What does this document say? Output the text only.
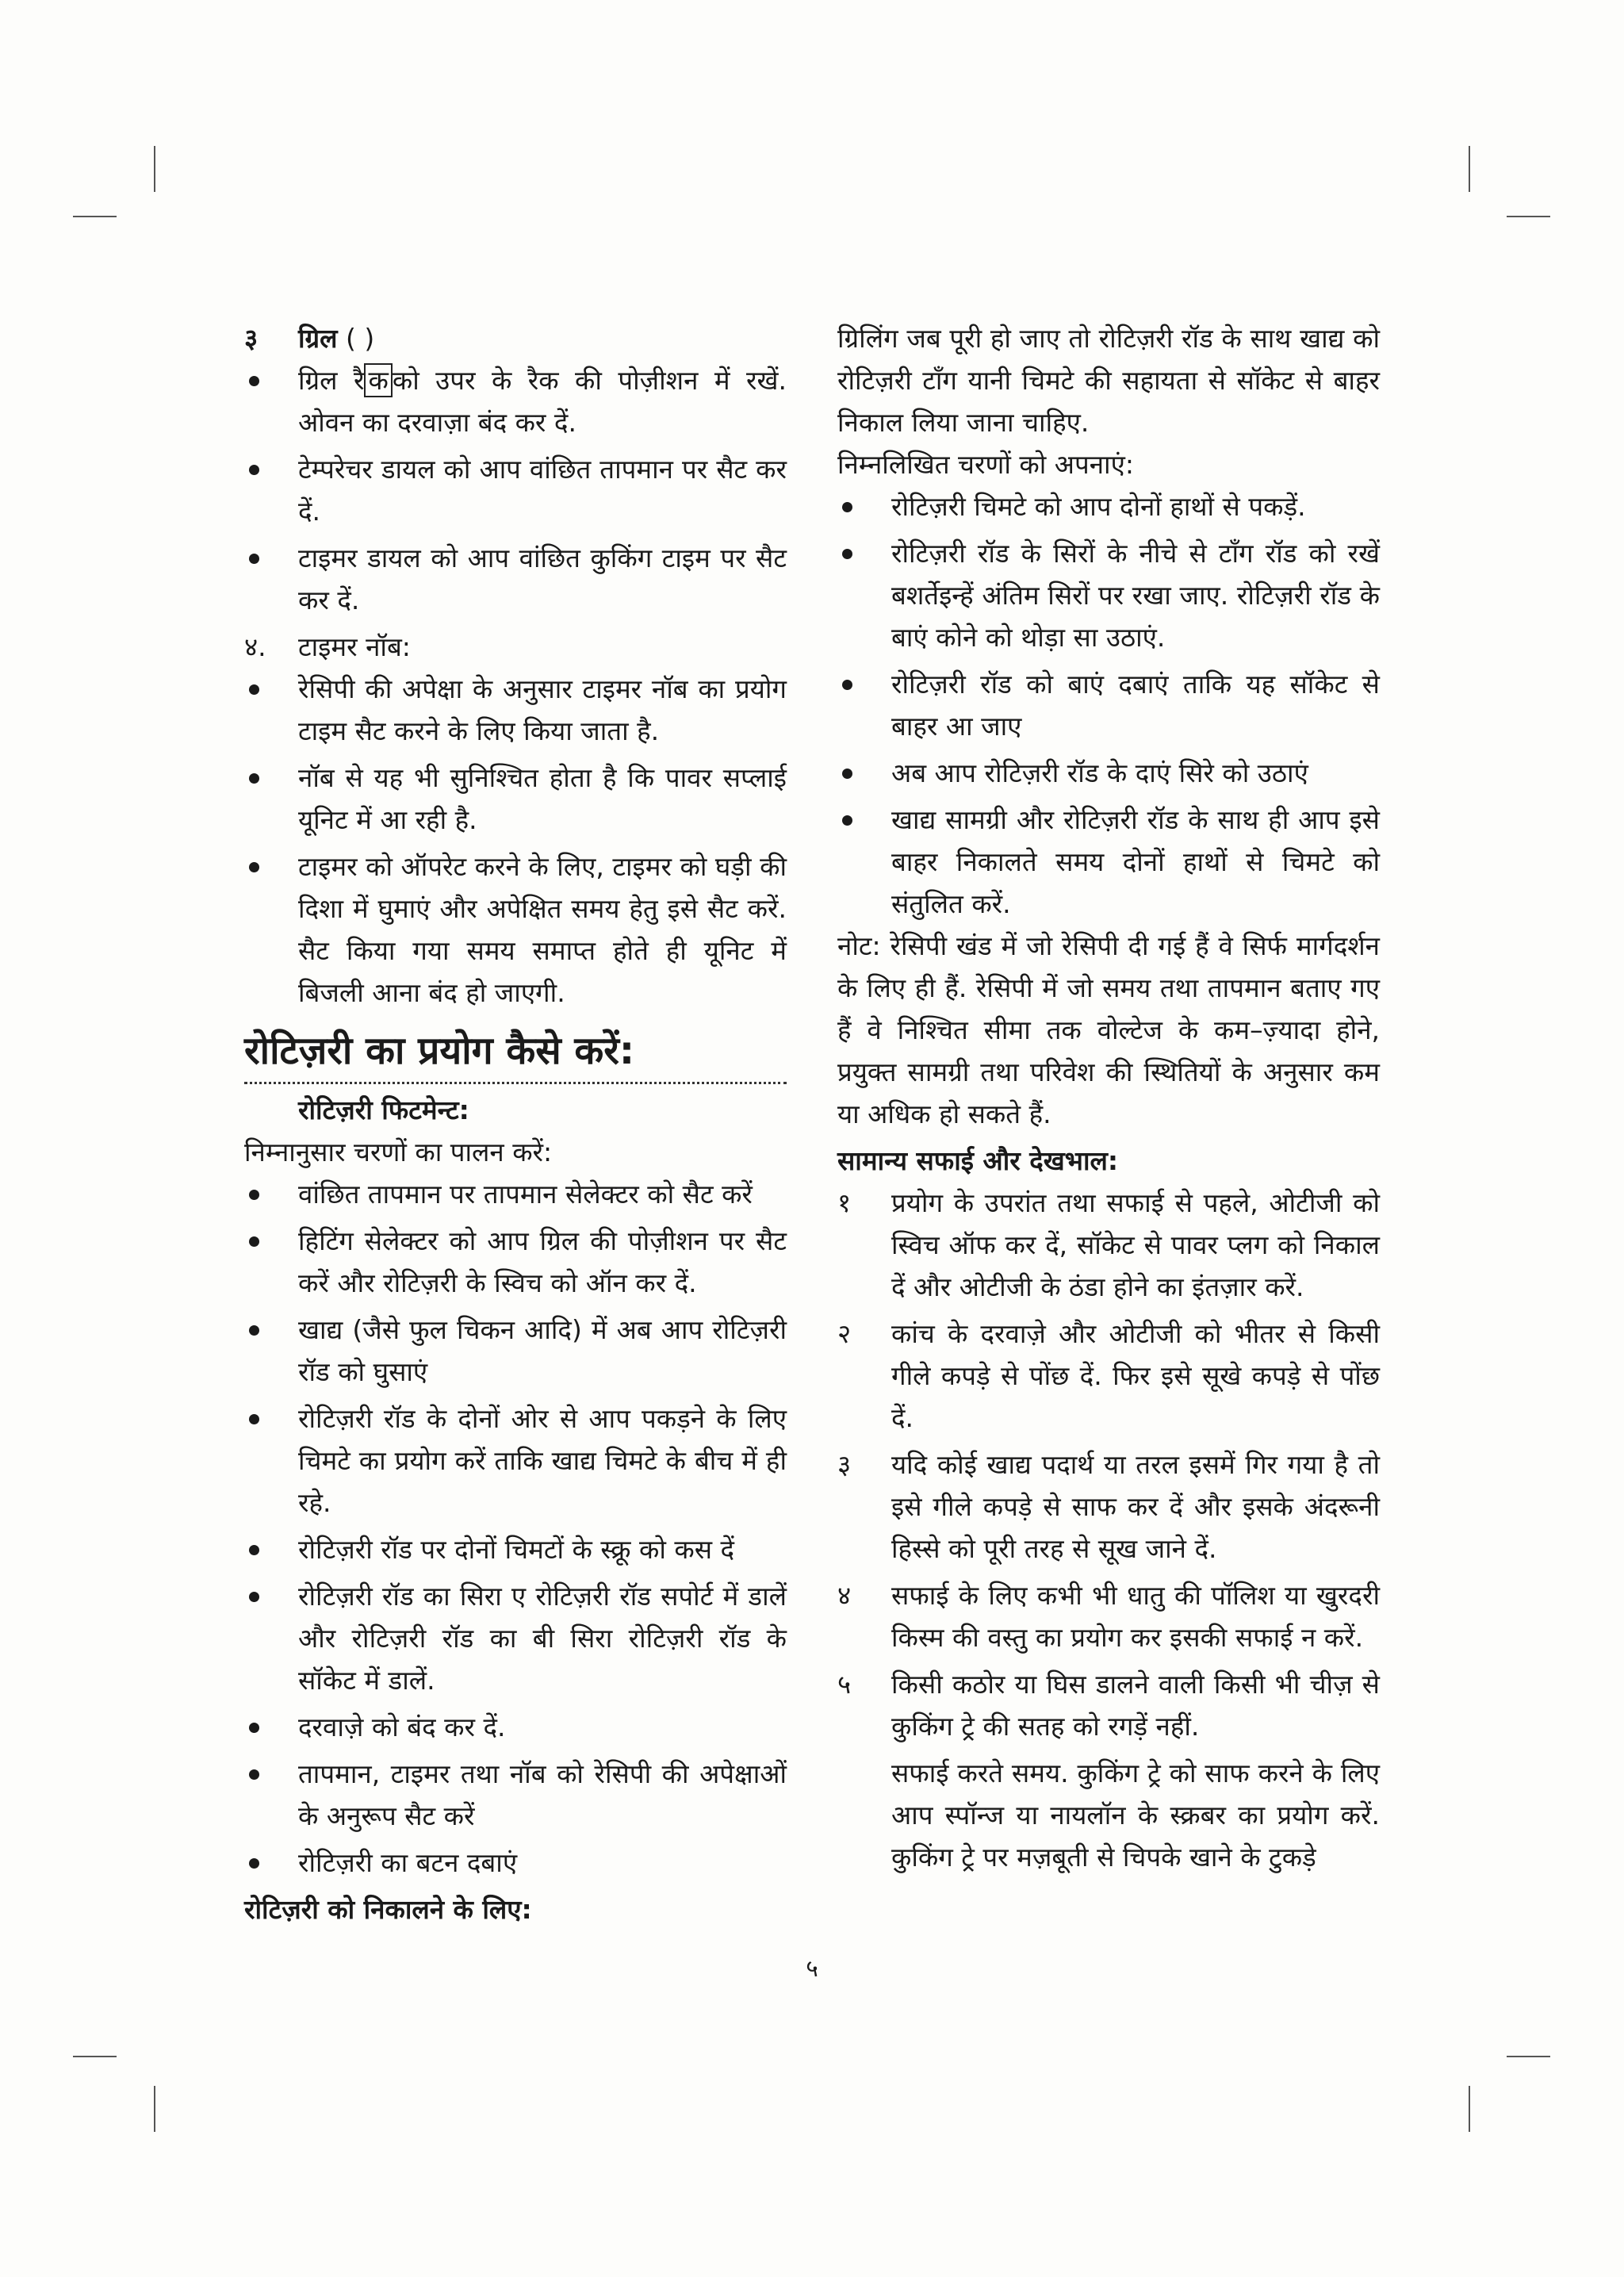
३	ग्रिल ( )
ग्रिल रै क को उपर के रैक की पोज़ीशन में रखें. ओवन का दरवाज़ा बंद कर दें.
टेम्परेचर डायल को आप वांछित तापमान पर सैट कर दें.
टाइमर डायल को आप वांछित कुकिंग टाइम पर सैट कर दें.
४.	टाइमर नॉब:
रेसिपी की अपेक्षा के अनुसार टाइमर नॉब का प्रयोग टाइम सैट करने के लिए किया जाता है.
नॉब से यह भी सुनिश्चित होता है कि पावर सप्लाई यूनिट में आ रही है.
टाइमर को ऑपरेट करने के लिए, टाइमर को घड़ी की दिशा में घुमाएं और अपेक्षित समय हेतु इसे सैट करें. सैट किया गया समय समाप्त होते ही यूनिट में बिजली आना बंद हो जाएगी.
रोटिज़री का प्रयोग कैसे करें:
रोटिज़री फिटमेन्ट:
निम्नानुसार चरणों का पालन करें:
वांछित तापमान पर तापमान सेलेक्टर को सैट करें
हिटिंग सेलेक्टर को आप ग्रिल की पोज़ीशन पर सैट करें और रोटिज़री के स्विच को ऑन कर दें.
खाद्य (जैसे फुल चिकन आदि) में अब आप रोटिज़री रॉड को घुसाएं
रोटिज़री रॉड के दोनों ओर से आप पकड़ने के लिए चिमटे का प्रयोग करें ताकि खाद्य चिमटे के बीच में ही रहे.
रोटिज़री रॉड पर दोनों चिमटों के स्क्रू को कस दें
रोटिज़री रॉड का सिरा ए रोटिज़री रॉड सपोर्ट में डालें और रोटिज़री रॉड का बी सिरा रोटिज़री रॉड के सॉकेट में डालें.
दरवाज़े को बंद कर दें.
तापमान, टाइमर तथा नॉब को रेसिपी की अपेक्षाओं के अनुरूप सैट करें
रोटिज़री का बटन दबाएं
रोटिज़री को निकालने के लिए:
ग्रिलिंग जब पूरी हो जाए तो रोटिज़री रॉड के साथ खाद्य को रोटिज़री टॉंग यानी चिमटे की सहायता से सॉकेट से बाहर निकाल लिया जाना चाहिए.
निम्नलिखित चरणों को अपनाएं:
रोटिज़री चिमटे को आप दोनों हाथों से पकड़ें.
रोटिज़री रॉड के सिरों के नीचे से टॉंग रॉड को रखें बशर्तेइन्हें अंतिम सिरों पर रखा जाए. रोटिज़री रॉड के बाएं कोने को थोड़ा सा उठाएं.
रोटिज़री रॉड को बाएं दबाएं ताकि यह सॉकेट से बाहर आ जाए
अब आप रोटिज़री रॉड के दाएं सिरे को उठाएं
खाद्य सामग्री और रोटिज़री रॉड के साथ ही आप इसे बाहर निकालते समय दोनों हाथों से चिमटे को संतुलित करें.
नोट: रेसिपी खंड में जो रेसिपी दी गई हैं वे सिर्फ मार्गदर्शन के लिए ही हैं. रेसिपी में जो समय तथा तापमान बताए गए हैं वे निश्चित सीमा तक वोल्टेज के कम–ज़्यादा होने, प्रयुक्त सामग्री तथा परिवेश की स्थितियों के अनुसार कम या अधिक हो सकते हैं.
सामान्य सफाई और देखभाल:
१	प्रयोग के उपरांत तथा सफाई से पहले, ओटीजी को स्विच ऑफ कर दें, सॉकेट से पावर प्लग को निकाल दें और ओटीजी के ठंडा होने का इंतज़ार करें.
२	कांच के दरवाज़े और ओटीजी को भीतर से किसी गीले कपड़े से पोंछ दें. फिर इसे सूखे कपड़े से पोंछ दें.
३	यदि कोई खाद्य पदार्थ या तरल इसमें गिर गया है तो इसे गीले कपड़े से साफ कर दें और इसके अंदरूनी हिस्से को पूरी तरह से सूख जाने दें.
४	सफाई के लिए कभी भी धातु की पॉलिश या खुरदरी किस्म की वस्तु का प्रयोग कर इसकी सफाई न करें.
५	किसी कठोर या घिस डालने वाली किसी भी चीज़ से कुकिंग ट्रे की सतह को रगड़ें नहीं.
सफाई करते समय. कुकिंग ट्रे को साफ करने के लिए आप स्पॉन्ज या नायलॉन के स्क्रबर का प्रयोग करें. कुकिंग ट्रे पर मज़बूती से चिपके खाने के टुकड़े
५
